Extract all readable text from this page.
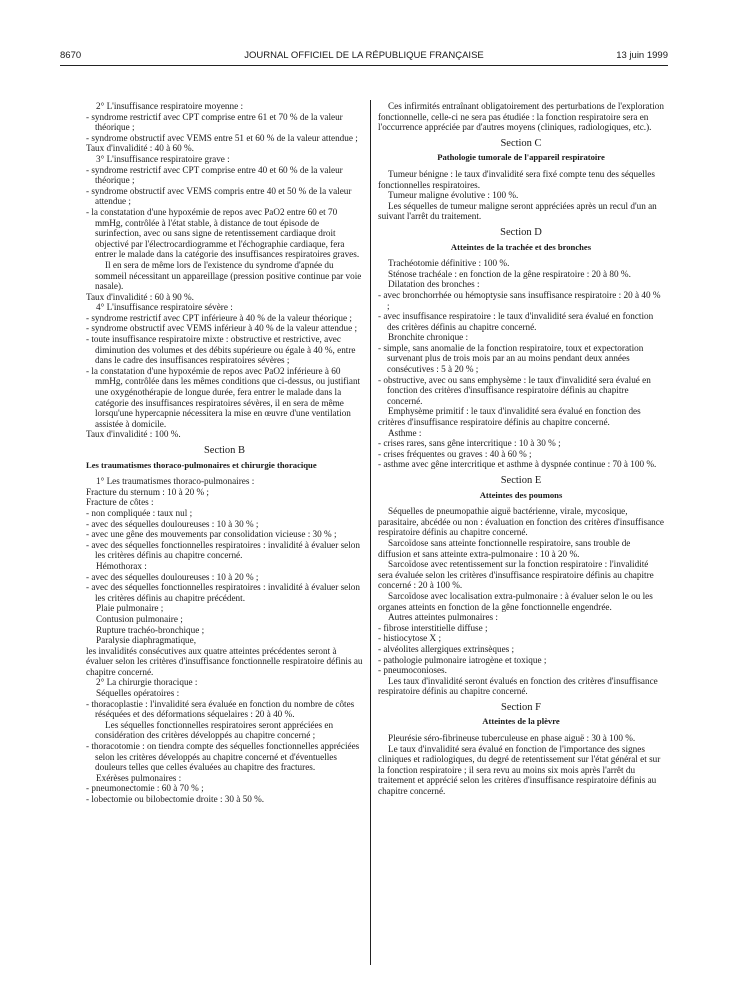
8670	JOURNAL OFFICIEL DE LA RÉPUBLIQUE FRANÇAISE	13 juin 1999

2° L'insuffisance respiratoire moyenne :

- syndrome restrictif avec CPT comprise entre 61 et 70 % de la valeur théorique ;

- syndrome obstructif avec VEMS entre 51 et 60 % de la valeur attendue ;

Taux d'invalidité : 40 à 60 %.

3° L'insuffisance respiratoire grave :

- syndrome restrictif avec CPT comprise entre 40 et 60 % de la valeur théorique ;

- syndrome obstructif avec VEMS compris entre 40 et 50 % de la valeur attendue ;

- la constatation d'une hypoxémie de repos avec PaO2 entre 60 et 70 mmHg, contrôlée à l'état stable, à distance de tout épisode de surinfection, avec ou sans signe de retentissement cardiaque droit objectivé par l'électrocardiogramme et l'échographie cardiaque, fera entrer le malade dans la catégorie des insuffisances respiratoires graves.

Il en sera de même lors de l'existence du syndrome d'apnée du sommeil nécessitant un appareillage (pression positive continue par voie nasale).

Taux d'invalidité : 60 à 90 %.

4° L'insuffisance respiratoire sévère :

- syndrome restrictif avec CPT inférieure à 40 % de la valeur théorique ;

- syndrome obstructif avec VEMS inférieur à 40 % de la valeur attendue ;

- toute insuffisance respiratoire mixte : obstructive et restrictive, avec diminution des volumes et des débits supérieure ou égale à 40 %, entre dans le cadre des insuffisances respiratoires sévères ;

- la constatation d'une hypoxémie de repos avec PaO2 inférieure à 60 mmHg, contrôlée dans les mêmes conditions que ci-dessus, ou justifiant une oxygénothérapie de longue durée, fera entrer le malade dans la catégorie des insuffisances respiratoires sévères, il en sera de même lorsqu'une hypercapnie nécessitera la mise en œuvre d'une ventilation assistée à domicile.

Taux d'invalidité : 100 %.

Section B

Les traumatismes thoraco-pulmonaires et chirurgie thoracique

1° Les traumatismes thoraco-pulmonaires :

Fracture du sternum : 10 à 20 % ;

Fracture de côtes :

- non compliquée : taux nul ;

- avec des séquelles douloureuses : 10 à 30 % ;

- avec une gêne des mouvements par consolidation vicieuse : 30 % ;

- avec des séquelles fonctionnelles respiratoires : invalidité à évaluer selon les critères définis au chapitre concerné.

Hémothorax :

- avec des séquelles douloureuses : 10 à 20 % ;

- avec des séquelles fonctionnelles respiratoires : invalidité à évaluer selon les critères définis au chapitre précédent.

Plaie pulmonaire ;

Contusion pulmonaire ;

Rupture trachéo-bronchique ;

Paralysie diaphragmatique,

les invalidités consécutives aux quatre atteintes précédentes seront à évaluer selon les critères d'insuffisance fonctionnelle respiratoire définis au chapitre concerné.

2° La chirurgie thoracique :

Séquelles opératoires :

- thoracoplastie : l'invalidité sera évaluée en fonction du nombre de côtes réséquées et des déformations séquelaires : 20 à 40 %.

Les séquelles fonctionnelles respiratoires seront appréciées en considération des critères développés au chapitre concerné ;

- thoracotomie : on tiendra compte des séquelles fonctionnelles appréciées selon les critères développés au chapitre concerné et d'éventuelles douleurs telles que celles évaluées au chapitre des fractures.

Exérèses pulmonaires :

- pneumonectomie : 60 à 70 % ;

- lobectomie ou bilobectomie droite : 30 à 50 %.

Ces infirmités entraînant obligatoirement des perturbations de l'exploration fonctionnelle, celle-ci ne sera pas étudiée : la fonction respiratoire sera en l'occurrence appréciée par d'autres moyens (cliniques, radiologiques, etc.).

Section C

Pathologie tumorale de l'appareil respiratoire

Tumeur bénigne : le taux d'invalidité sera fixé compte tenu des séquelles fonctionnelles respiratoires.

Tumeur maligne évolutive : 100 %.

Les séquelles de tumeur maligne seront appréciées après un recul d'un an suivant l'arrêt du traitement.

Section D

Atteintes de la trachée et des bronches

Trachéotomie définitive : 100 %.

Sténose trachéale : en fonction de la gêne respiratoire : 20 à 80 %.

Dilatation des bronches :

- avec bronchorrhée ou hémoptysie sans insuffisance respiratoire : 20 à 40 % ;

- avec insuffisance respiratoire : le taux d'invalidité sera évalué en fonction des critères définis au chapitre concerné.

Bronchite chronique :

- simple, sans anomalie de la fonction respiratoire, toux et expectoration survenant plus de trois mois par an au moins pendant deux années consécutives : 5 à 20 % ;

- obstructive, avec ou sans emphysème : le taux d'invalidité sera évalué en fonction des critères d'insuffisance respiratoire définis au chapitre concerné.

Emphysème primitif : le taux d'invalidité sera évalué en fonction des critères d'insuffisance respiratoire définis au chapitre concerné.

Asthme :

- crises rares, sans gêne intercritique : 10 à 30 % ;

- crises fréquentes ou graves : 40 à 60 % ;

- asthme avec gêne intercritique et asthme à dyspnée continue : 70 à 100 %.

Section E

Atteintes des poumons

Séquelles de pneumopathie aiguë bactérienne, virale, mycosique, parasitaire, abcédée ou non : évaluation en fonction des critères d'insuffisance respiratoire définis au chapitre concerné.

Sarcoïdose sans atteinte fonctionnelle respiratoire, sans trouble de diffusion et sans atteinte extra-pulmonaire : 10 à 20 %.

Sarcoïdose avec retentissement sur la fonction respiratoire : l'invalidité sera évaluée selon les critères d'insuffisance respiratoire définis au chapitre concerné : 20 à 100 %.

Sarcoïdose avec localisation extra-pulmonaire : à évaluer selon le ou les organes atteints en fonction de la gêne fonctionnelle engendrée.

Autres atteintes pulmonaires :

- fibrose interstitielle diffuse ;

- histiocytose X ;

- alvéolites allergiques extrinsèques ;

- pathologie pulmonaire iatrogène et toxique ;

- pneumoconioses.

Les taux d'invalidité seront évalués en fonction des critères d'insuffisance respiratoire définis au chapitre concerné.

Section F

Atteintes de la plèvre

Pleurésie séro-fibrineuse tuberculeuse en phase aiguë : 30 à 100 %.

Le taux d'invalidité sera évalué en fonction de l'importance des signes cliniques et radiologiques, du degré de retentissement sur l'état général et sur la fonction respiratoire ; il sera revu au moins six mois après l'arrêt du traitement et apprécié selon les critères d'insuffisance respiratoire définis au chapitre concerné.
